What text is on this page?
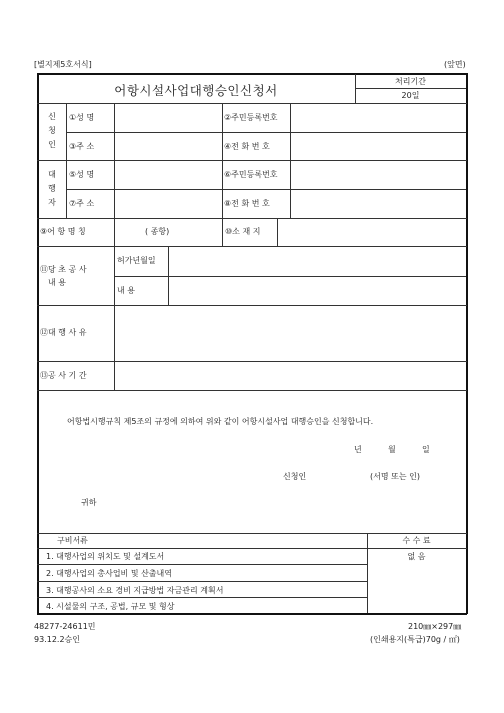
[별지제5호서식]	(앞면)
어항시설사업대행승인신청서
처리기간
20일
신
청
인
①성 명	②주민등록번호
③주 소	④전 화 번 호
대
행
자
⑤성 명	⑥주민등록번호
⑦주 소	⑧전 화 번 호
⑨어 항 명 칭	( 종항)	⑩소 재 지
⑪당 초 공 사
내 용
허가년월일
내 용
⑫대 행 사 유
⑬공 사 기 간
어항법시행규칙 제5조의 규정에 의하여 위와 같이 어항시설사업 대행승인을 신청합니다.
년	월	일
신청인	(서명 또는 인)
귀하
구비서류	수 수 료
없 음
1. 대행사업의 위치도 및 설계도서
2. 대행사업의 총사업비 및 산출내역
3. 대행공사의 소요 경비 지급방법 자금관리 계획서
4. 시설물의 구조, 공법, 규모 및 형상
48277-24611민
93.12.2승인
210㎜×297㎜
(인쇄용지(특급)70g / ㎡)
